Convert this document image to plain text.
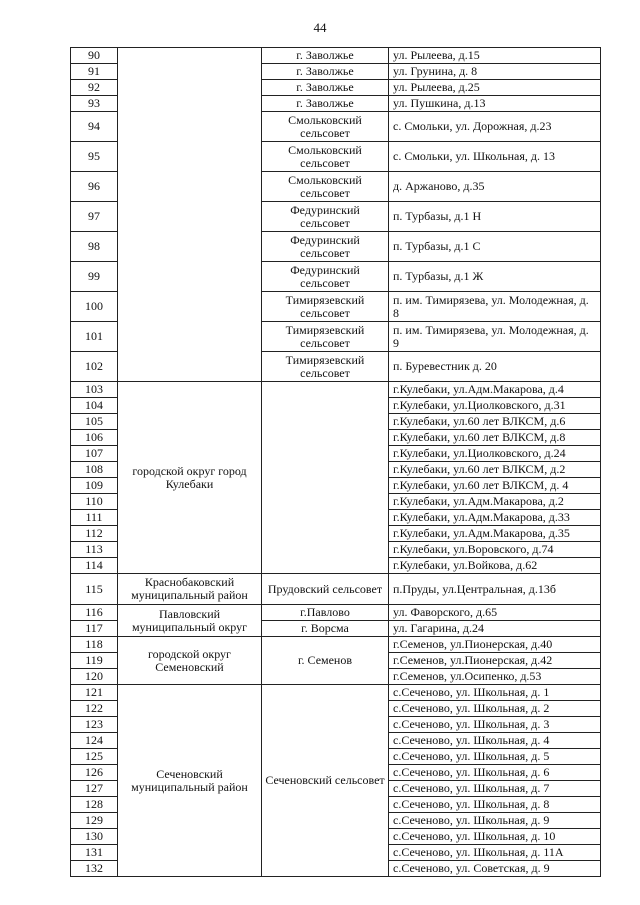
44
90		г. Заволжье	ул. Рылеева, д.15
91		г. Заволжье	ул. Грунина, д. 8
92		г. Заволжье	ул. Рылеева, д.25
93		г. Заволжье	ул. Пушкина, д.13
94		Смольковский сельсовет	с. Смольки, ул. Дорожная, д.23
95		Смольковский сельсовет	с. Смольки, ул. Школьная, д. 13
96		Смольковский сельсовет	д. Аржаново, д.35
97		Федуринский сельсовет	п. Турбазы, д.1 Н
98		Федуринский сельсовет	п. Турбазы, д.1 С
99		Федуринский сельсовет	п. Турбазы, д.1 Ж
100		Тимирязевский сельсовет	п. им. Тимирязева, ул. Молодежная, д. 8
101		Тимирязевский сельсовет	п. им. Тимирязева, ул. Молодежная, д. 9
102		Тимирязевский сельсовет	п. Буревестник д. 20
103	городской округ город Кулебаки		г.Кулебаки, ул.Адм.Макарова, д.4
104			г.Кулебаки, ул.Циолковского, д.31
105			г.Кулебаки, ул.60 лет ВЛКСМ, д.6
106			г.Кулебаки, ул.60 лет ВЛКСМ, д.8
107			г.Кулебаки, ул.Циолковского, д.24
108			г.Кулебаки, ул.60 лет ВЛКСМ, д.2
109			г.Кулебаки, ул.60 лет ВЛКСМ, д. 4
110			г.Кулебаки, ул.Адм.Макарова, д.2
111			г.Кулебаки, ул.Адм.Макарова, д.33
112			г.Кулебаки, ул.Адм.Макарова, д.35
113			г.Кулебаки, ул.Воровского, д.74
114			г.Кулебаки, ул.Войкова, д.62
115	Краснобаковский муниципальный район	Пруд​овский сельсовет	п.Пруды, ул.Центральная, д.13б
116	Павловский муниципальный округ	г.Павлово	ул. Фаворского, д.65
117		г. Ворсма	ул. Гагарина, д.24
118	городской округ Семеновский	г. Семенов	г.Семенов, ул.Пионерская, д.40
119			г.Семенов, ул.Пионерская, д.42
120			г.Семенов, ул.Осипенко, д.53
121	Сеченовский муниципальный район	Сеченовский сельсовет	с.Сеченово, ул. Школьная, д. 1
122			с.Сеченово, ул. Школьная, д. 2
123			с.Сеченово, ул. Школьная, д. 3
124			с.Сеченово, ул. Школьная, д. 4
125			с.Сеченово, ул. Школьная, д. 5
126			с.Сеченово, ул. Школьная, д. 6
127			с.Сеченово, ул. Школьная, д. 7
128			с.Сеченово, ул. Школьная, д. 8
129			с.Сеченово, ул. Школьная, д. 9
130			с.Сеченово, ул. Школьная, д. 10
131			с.Сеченово, ул. Школьная, д. 11А
132			с.Сеченово, ул. Советская, д. 9
